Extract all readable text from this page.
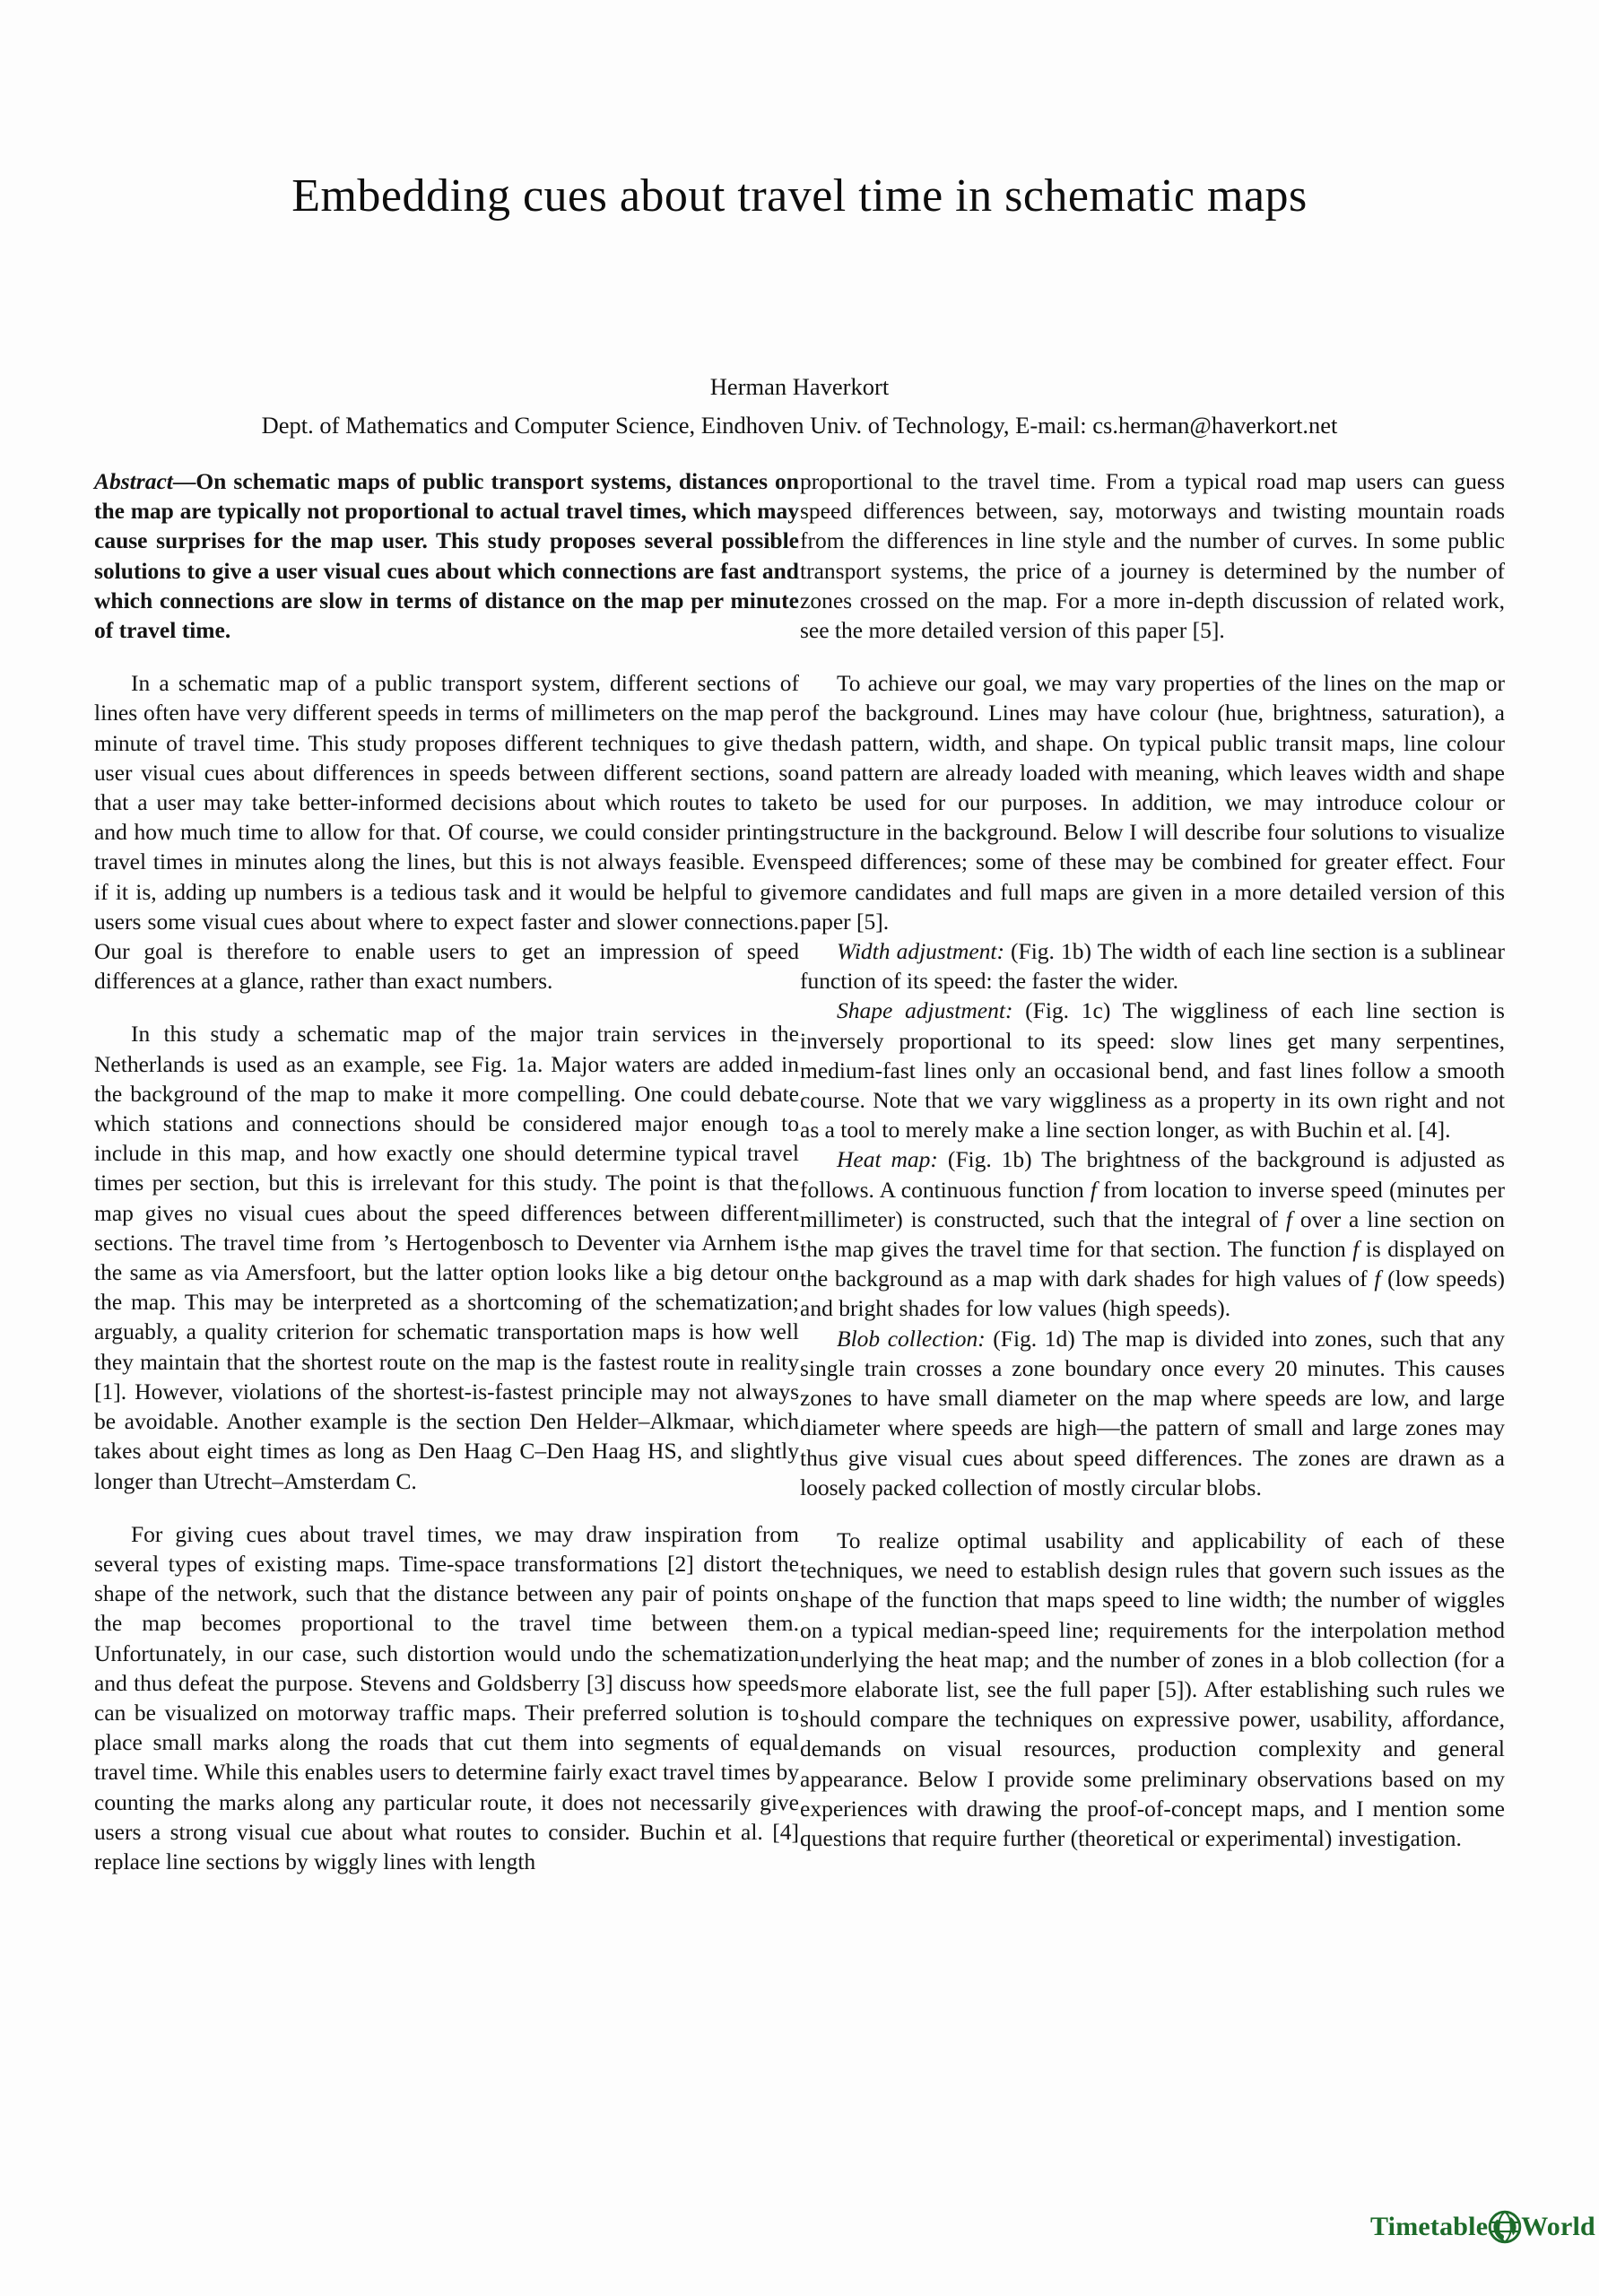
Embedding cues about travel time in schematic maps
Herman Haverkort
Dept. of Mathematics and Computer Science, Eindhoven Univ. of Technology, E-mail: cs.herman@haverkort.net

Abstract—On schematic maps of public transport systems, distances on the map are typically not proportional to actual travel times, which may cause surprises for the map user. This study proposes several possible solutions to give a user visual cues about which connections are fast and which connections are slow in terms of distance on the map per minute of travel time.

In a schematic map of a public transport system, different sections of lines often have very different speeds in terms of millimeters on the map per minute of travel time. This study proposes different techniques to give the user visual cues about differences in speeds between different sections, so that a user may take better-informed decisions about which routes to take and how much time to allow for that. Of course, we could consider printing travel times in minutes along the lines, but this is not always feasible. Even if it is, adding up numbers is a tedious task and it would be helpful to give users some visual cues about where to expect faster and slower connections. Our goal is therefore to enable users to get an impression of speed differences at a glance, rather than exact numbers.

In this study a schematic map of the major train services in the Netherlands is used as an example, see Fig. 1a. Major waters are added in the background of the map to make it more compelling. One could debate which stations and connections should be considered major enough to include in this map, and how exactly one should determine typical travel times per section, but this is irrelevant for this study. The point is that the map gives no visual cues about the speed differences between different sections. The travel time from ’s Hertogenbosch to Deventer via Arnhem is the same as via Amersfoort, but the latter option looks like a big detour on the map. This may be interpreted as a shortcoming of the schematization; arguably, a quality criterion for schematic transportation maps is how well they maintain that the shortest route on the map is the fastest route in reality [1]. However, violations of the shortest-is-fastest principle may not always be avoidable. Another example is the section Den Helder–Alkmaar, which takes about eight times as long as Den Haag C–Den Haag HS, and slightly longer than Utrecht–Amsterdam C.

For giving cues about travel times, we may draw inspiration from several types of existing maps. Time-space transformations [2] distort the shape of the network, such that the distance between any pair of points on the map becomes proportional to the travel time between them. Unfortunately, in our case, such distortion would undo the schematization and thus defeat the purpose. Stevens and Goldsberry [3] discuss how speeds can be visualized on motorway traffic maps. Their preferred solution is to place small marks along the roads that cut them into segments of equal travel time. While this enables users to determine fairly exact travel times by counting the marks along any particular route, it does not necessarily give users a strong visual cue about what routes to consider. Buchin et al. [4] replace line sections by wiggly lines with length

proportional to the travel time. From a typical road map users can guess speed differences between, say, motorways and twisting mountain roads from the differences in line style and the number of curves. In some public transport systems, the price of a journey is determined by the number of zones crossed on the map. For a more in-depth discussion of related work, see the more detailed version of this paper [5].

To achieve our goal, we may vary properties of the lines on the map or of the background. Lines may have colour (hue, brightness, saturation), a dash pattern, width, and shape. On typical public transit maps, line colour and pattern are already loaded with meaning, which leaves width and shape to be used for our purposes. In addition, we may introduce colour or structure in the background. Below I will describe four solutions to visualize speed differences; some of these may be combined for greater effect. Four more candidates and full maps are given in a more detailed version of this paper [5].

Width adjustment: (Fig. 1b) The width of each line section is a sublinear function of its speed: the faster the wider.

Shape adjustment: (Fig. 1c) The wiggliness of each line section is inversely proportional to its speed: slow lines get many serpentines, medium-fast lines only an occasional bend, and fast lines follow a smooth course. Note that we vary wiggliness as a property in its own right and not as a tool to merely make a line section longer, as with Buchin et al. [4].

Heat map: (Fig. 1b) The brightness of the background is adjusted as follows. A continuous function f from location to inverse speed (minutes per millimeter) is constructed, such that the integral of f over a line section on the map gives the travel time for that section. The function f is displayed on the background as a map with dark shades for high values of f (low speeds) and bright shades for low values (high speeds).

Blob collection: (Fig. 1d) The map is divided into zones, such that any single train crosses a zone boundary once every 20 minutes. This causes zones to have small diameter on the map where speeds are low, and large diameter where speeds are high—the pattern of small and large zones may thus give visual cues about speed differences. The zones are drawn as a loosely packed collection of mostly circular blobs.

To realize optimal usability and applicability of each of these techniques, we need to establish design rules that govern such issues as the shape of the function that maps speed to line width; the number of wiggles on a typical median-speed line; requirements for the interpolation method underlying the heat map; and the number of zones in a blob collection (for a more elaborate list, see the full paper [5]). After establishing such rules we should compare the techniques on expressive power, usability, affordance, demands on visual resources, production complexity and general appearance. Below I provide some preliminary observations based on my experiences with drawing the proof-of-concept maps, and I mention some questions that require further (theoretical or experimental) investigation.

Timetable World
